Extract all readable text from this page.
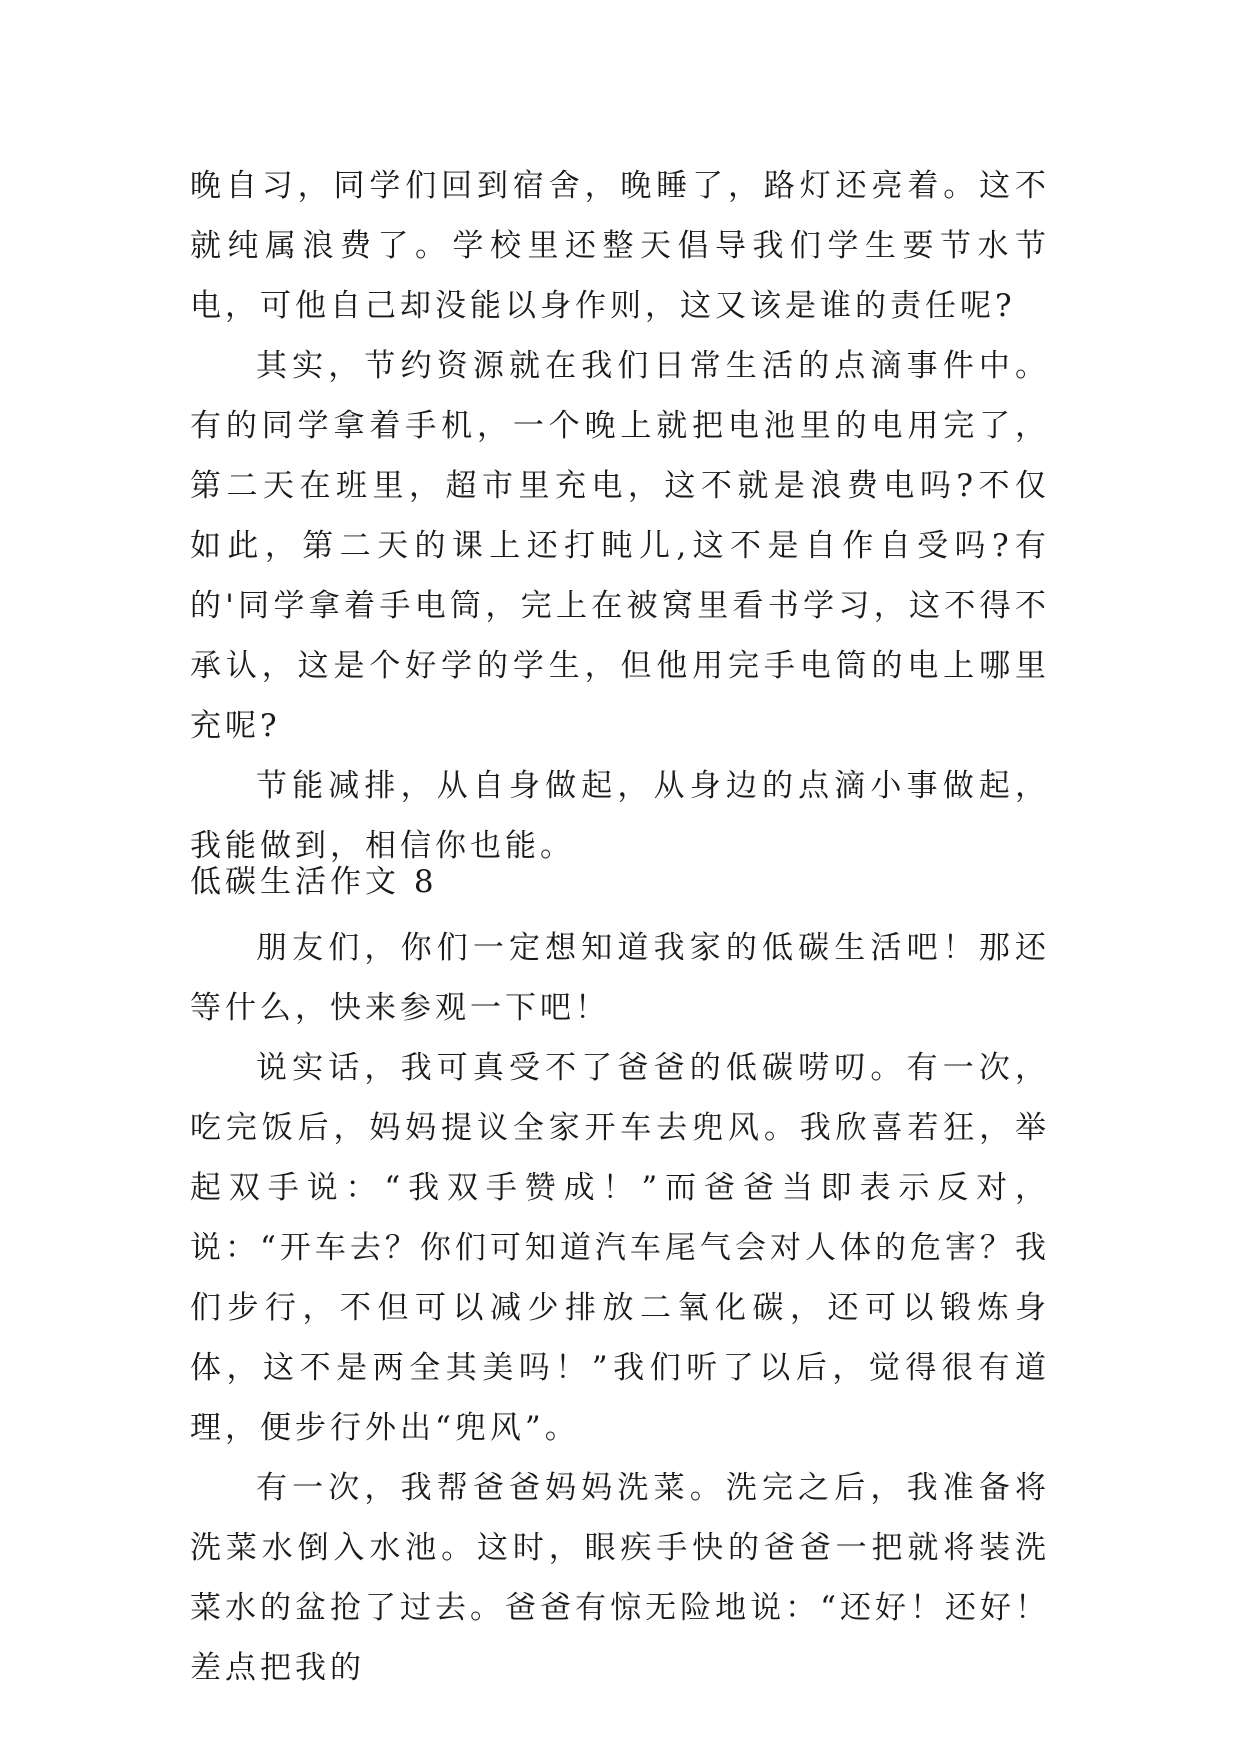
晚自习，同学们回到宿舍，晚睡了，路灯还亮着。这不就纯属浪费了。学校里还整天倡导我们学生要节水节电，可他自己却没能以身作则，这又该是谁的责任呢?

其实，节约资源就在我们日常生活的点滴事件中。有的同学拿着手机，一个晚上就把电池里的电用完了，第二天在班里，超市里充电，这不就是浪费电吗?不仅如此，第二天的课上还打盹儿,这不是自作自受吗?有的'同学拿着手电筒，完上在被窝里看书学习，这不得不承认，这是个好学的学生，但他用完手电筒的电上哪里充呢?

节能减排，从自身做起，从身边的点滴小事做起，我能做到，相信你也能。

低碳生活作文 8

朋友们，你们一定想知道我家的低碳生活吧！那还等什么，快来参观一下吧！

说实话，我可真受不了爸爸的低碳唠叨。有一次，吃完饭后，妈妈提议全家开车去兜风。我欣喜若狂，举起双手说：“我双手赞成！”而爸爸当即表示反对，说：“开车去？你们可知道汽车尾气会对人体的危害？我们步行，不但可以减少排放二氧化碳，还可以锻炼身体，这不是两全其美吗！”我们听了以后，觉得很有道理，便步行外出“兜风”。

有一次，我帮爸爸妈妈洗菜。洗完之后，我准备将洗菜水倒入水池。这时，眼疾手快的爸爸一把就将装洗菜水的盆抢了过去。爸爸有惊无险地说：“还好！还好！差点把我的
